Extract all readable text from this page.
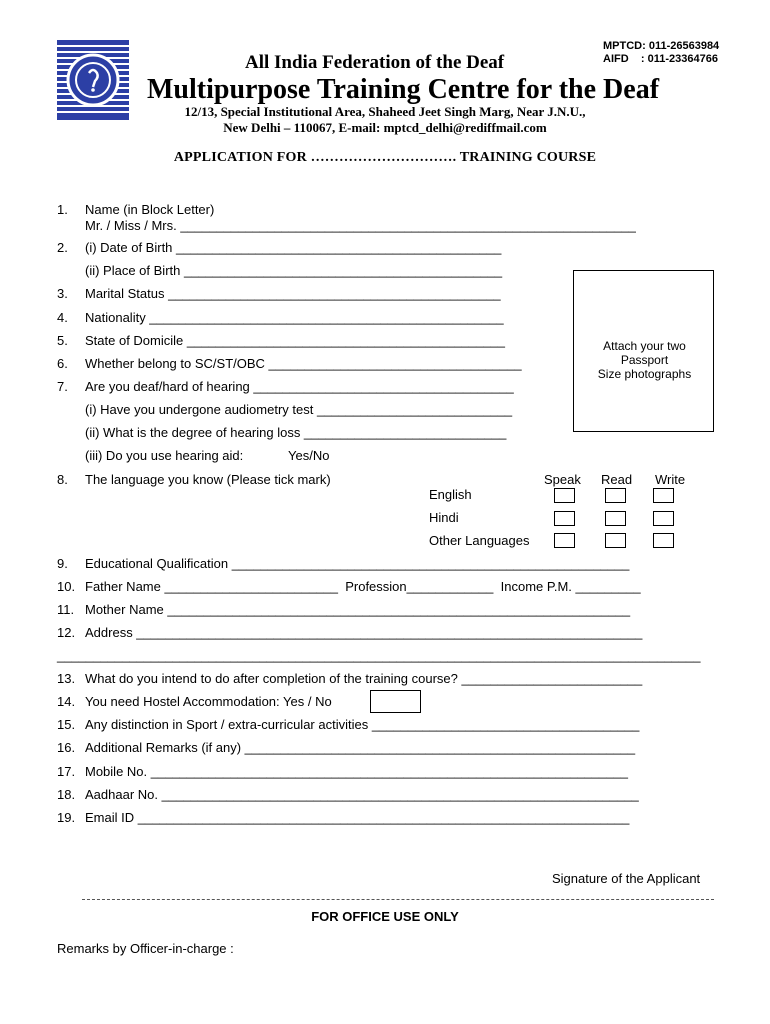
MPTCD: 011-26563984
AIFD    : 011-23364766
All India Federation of the Deaf
Multipurpose Training Centre for the Deaf
12/13, Special Institutional Area, Shaheed Jeet Singh Marg, Near J.N.U.,
New Delhi – 110067, E-mail: mptcd_delhi@rediffmail.com
APPLICATION FOR …………………………. TRAINING COURSE
1. Name (in Block Letter)
Mr. / Miss / Mrs. _______________________________________________________________
2. (i) Date of Birth _____________________________________________
(ii) Place of Birth ____________________________________________
3. Marital Status ______________________________________________
4. Nationality _________________________________________________
5. State of Domicile ____________________________________________
6. Whether belong to SC/ST/OBC ___________________________________
7. Are you deaf/hard of hearing ____________________________________
(i) Have you undergone audiometry test ___________________________
(ii) What is the degree of hearing loss ____________________________
(iii) Do you use hearing aid:	Yes/No
Attach your two
Passport
Size photographs
8. The language you know (Please tick mark)	Speak Read Write
English
Hindi
Other Languages
9. Educational Qualification _______________________________________________________
10. Father Name ________________________  Profession____________  Income P.M. _________
11. Mother Name ________________________________________________________________
12. Address ______________________________________________________________________
_________________________________________________________________________________________
13. What do you intend to do after completion of the training course? _________________________
14. You need Hostel Accommodation: Yes / No
15. Any distinction in Sport / extra-curricular activities _____________________________________
16. Additional Remarks (if any) ______________________________________________________
17. Mobile No. __________________________________________________________________
18. Aadhaar No. __________________________________________________________________
19. Email ID ____________________________________________________________________
Signature of the Applicant
FOR OFFICE USE ONLY
Remarks by Officer-in-charge :
